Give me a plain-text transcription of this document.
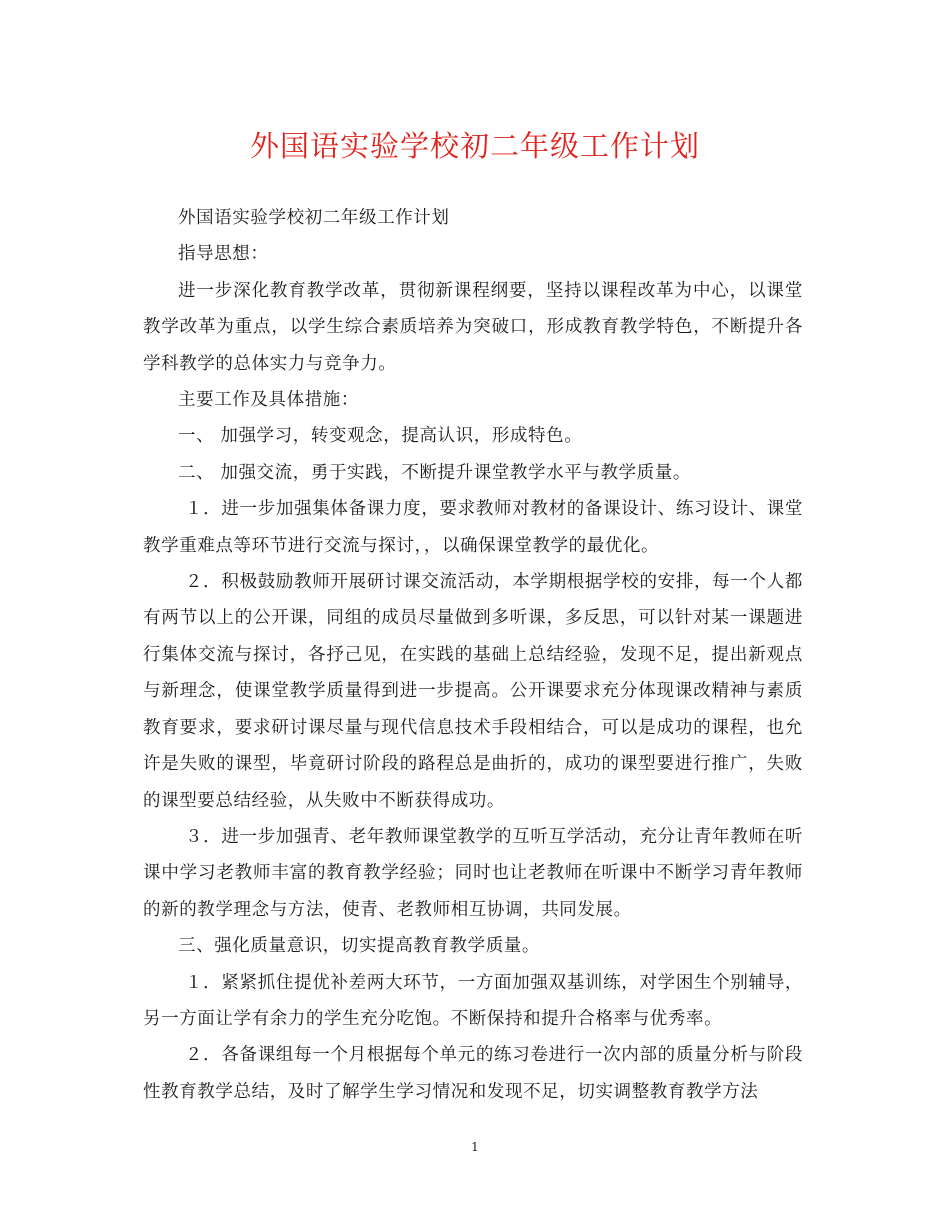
外国语实验学校初二年级工作计划

外国语实验学校初二年级工作计划

指导思想：

进一步深化教育教学改革，贯彻新课程纲要，坚持以课程改革为中心，以课堂教学改革为重点，以学生综合素质培养为突破口，形成教育教学特色，不断提升各学科教学的总体实力与竞争力。

主要工作及具体措施：

一、 加强学习，转变观念，提高认识，形成特色。

二、 加强交流，勇于实践，不断提升课堂教学水平与教学质量。

１．进一步加强集体备课力度，要求教师对教材的备课设计、练习设计、课堂教学重难点等环节进行交流与探讨，，以确保课堂教学的最优化。

２．积极鼓励教师开展研讨课交流活动，本学期根据学校的安排，每一个人都有两节以上的公开课，同组的成员尽量做到多听课，多反思，可以针对某一课题进行集体交流与探讨，各抒己见，在实践的基础上总结经验，发现不足，提出新观点与新理念，使课堂教学质量得到进一步提高。公开课要求充分体现课改精神与素质教育要求，要求研讨课尽量与现代信息技术手段相结合，可以是成功的课程，也允许是失败的课型，毕竟研讨阶段的路程总是曲折的，成功的课型要进行推广，失败的课型要总结经验，从失败中不断获得成功。

３．进一步加强青、老年教师课堂教学的互听互学活动，充分让青年教师在听课中学习老教师丰富的教育教学经验；同时也让老教师在听课中不断学习青年教师的新的教学理念与方法，使青、老教师相互协调，共同发展。

三、强化质量意识，切实提高教育教学质量。

１．紧紧抓住提优补差两大环节，一方面加强双基训练，对学困生个别辅导，另一方面让学有余力的学生充分吃饱。不断保持和提升合格率与优秀率。

２．各备课组每一个月根据每个单元的练习卷进行一次内部的质量分析与阶段性教育教学总结，及时了解学生学习情况和发现不足，切实调整教育教学方法

1
